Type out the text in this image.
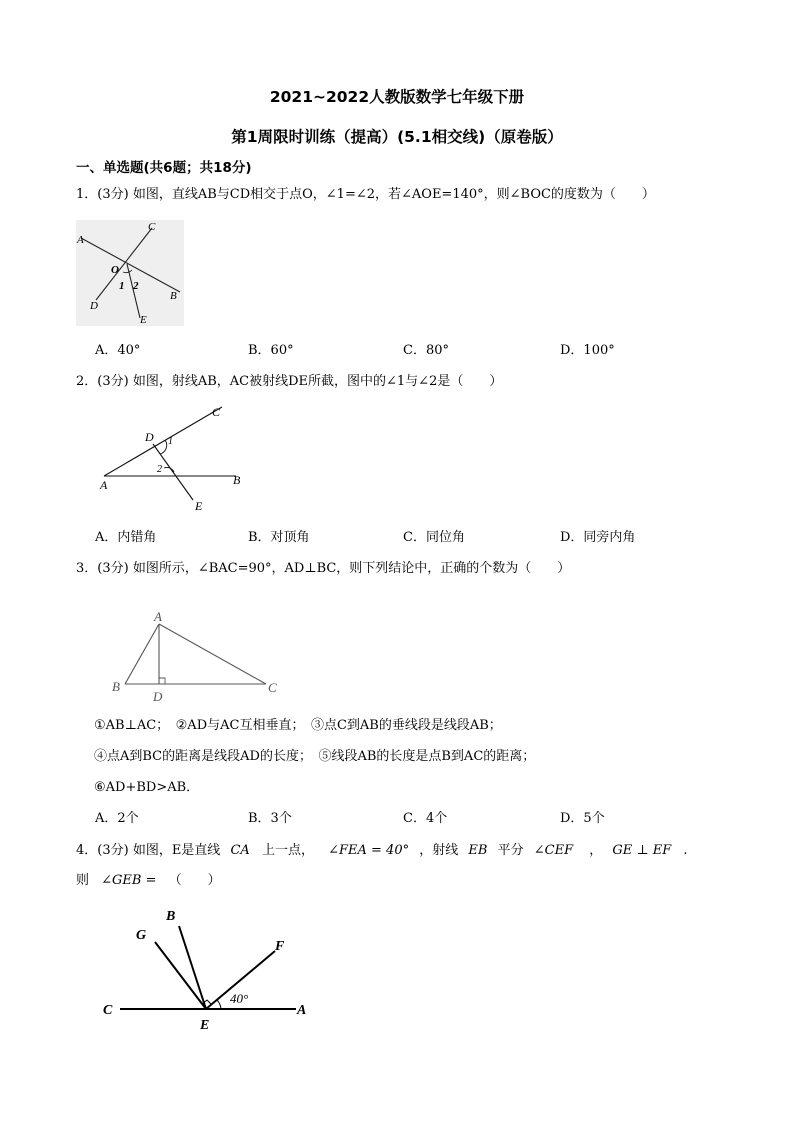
2021~2022人教版数学七年级下册
第1周限时训练（提高）(5.1相交线)（原卷版）
一、单选题(共6题；共18分)
1．(3分) 如图，直线AB与CD相交于点O，∠1=∠2，若∠AOE=140°，则∠BOC的度数为（　　）
A
C
O
1 2
B
D
E
A．40°	B．60°	C．80°	D．100°
2．(3分) 如图，射线AB，AC被射线DE所截，图中的∠1与∠2是（　　）
C
D 1
2
A	B
E
A．内错角	B．对顶角	C．同位角	D．同旁内角
3．(3分) 如图所示，∠BAC=90°，AD⊥BC，则下列结论中，正确的个数为（　　）
A
B
D
C
①AB⊥AC；　②AD与AC互相垂直；　③点C到AB的垂线段是线段AB；
④点A到BC的距离是线段AD的长度；　⑤线段AB的长度是点B到AC的距离；
⑥AD+BD>AB．
A．2个	B．3个	C．4个	D．5个
4．(3分) 如图，E是直线 CA 上一点， ∠FEA = 40° ，射线 EB 平分 ∠CEF ， GE ⊥ EF .
则 ∠GEB = （　　）
G
B
F
C
40°
A
E
